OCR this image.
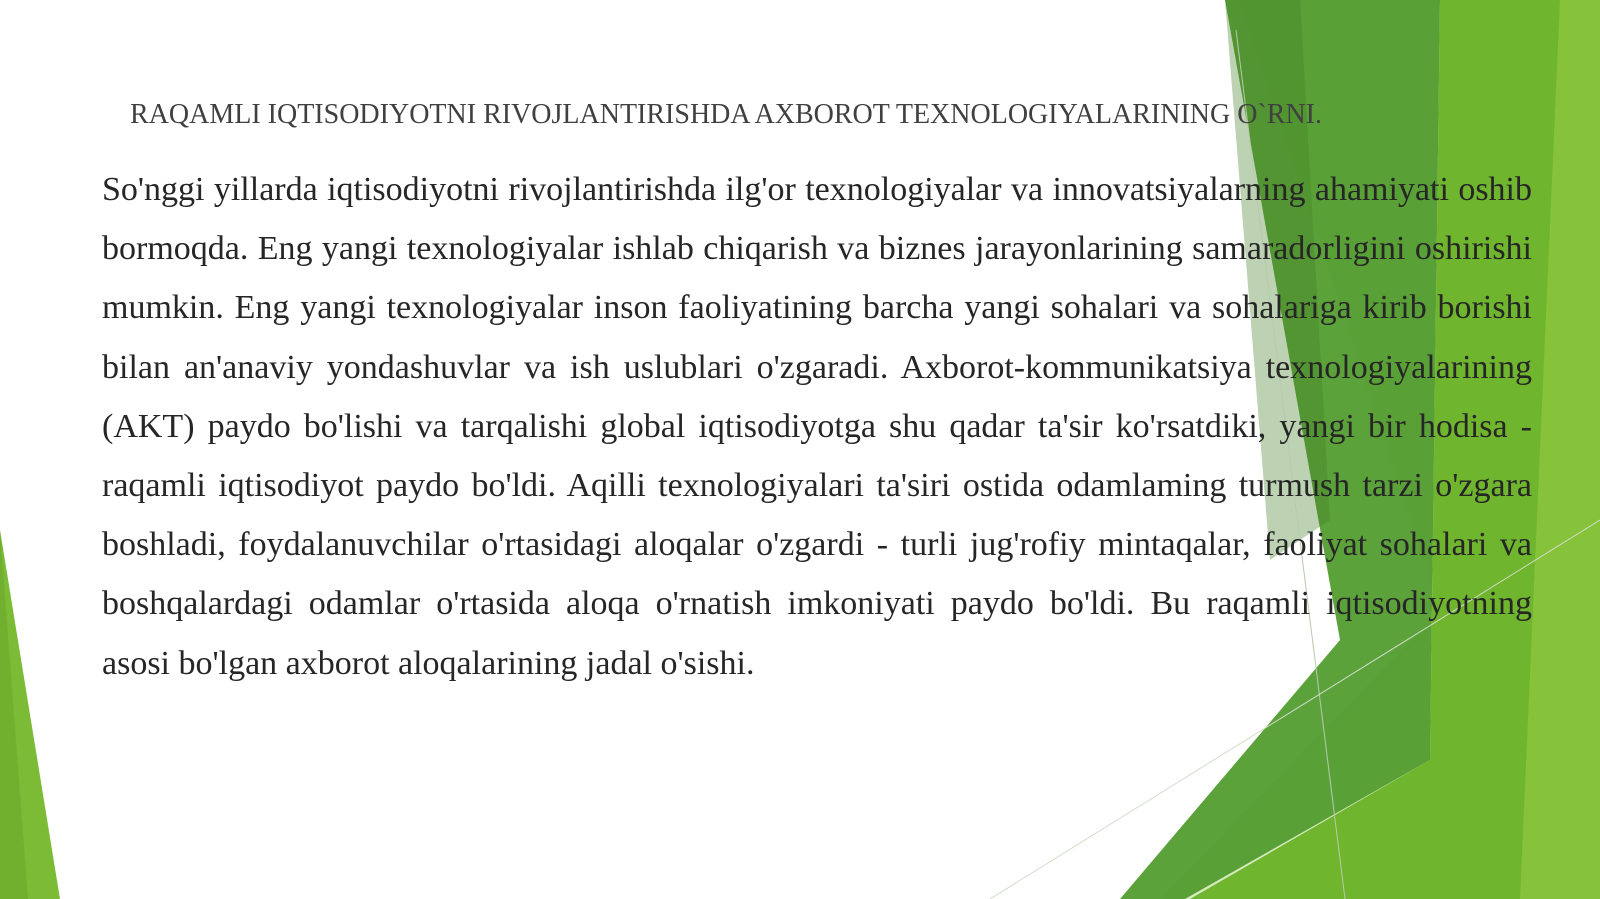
RAQAMLI IQTISODIYOTNI RIVOJLANTIRISHDA AXBOROT TEXNOLOGIYALARINING O`RNI.

So'nggi yillarda iqtisodiyotni rivojlantirishda ilg'or texnologiyalar va innovatsiyalarning ahamiyati oshib bormoqda. Eng yangi texnologiyalar ishlab chiqarish va biznes jarayonlarining samaradorligini oshirishi mumkin. Eng yangi texnologiyalar inson faoliyatining barcha yangi sohalari va sohalariga kirib borishi bilan an'anaviy yondashuvlar va ish uslublari o'zgaradi. Axborot-kommunikatsiya texnologiyalarining (AKT) paydo bo'lishi va tarqalishi global iqtisodiyotga shu qadar ta'sir ko'rsatdiki, yangi bir hodisa - raqamli iqtisodiyot paydo bo'ldi. Aqilli texnologiyalari ta'siri ostida odamlaming turmush tarzi o'zgara boshladi, foydalanuvchilar o'rtasidagi aloqalar o'zgardi - turli jug'rofiy mintaqalar, faoliyat sohalari va boshqalardagi odamlar o'rtasida aloqa o'rnatish imkoniyati paydo bo'ldi. Bu raqamli iqtisodiyotning asosi bo'lgan axborot aloqalarining jadal o'sishi.
